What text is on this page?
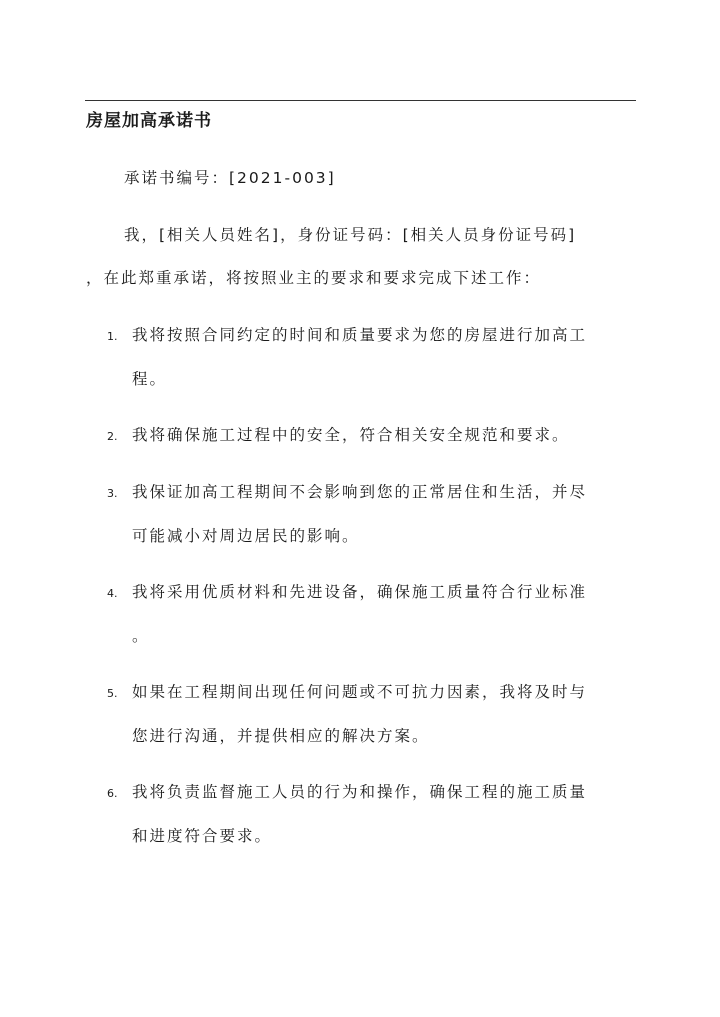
房屋加高承诺书
承诺书编号：[2021-003]
我，[相关人员姓名]，身份证号码：[相关人员身份证号码]
，在此郑重承诺，将按照业主的要求和要求完成下述工作：
1. 我将按照合同约定的时间和质量要求为您的房屋进行加高工
程。
2. 我将确保施工过程中的安全，符合相关安全规范和要求。
3. 我保证加高工程期间不会影响到您的正常居住和生活，并尽
可能减小对周边居民的影响。
4. 我将采用优质材料和先进设备，确保施工质量符合行业标准
。
5. 如果在工程期间出现任何问题或不可抗力因素，我将及时与
您进行沟通，并提供相应的解决方案。
6. 我将负责监督施工人员的行为和操作，确保工程的施工质量
和进度符合要求。
